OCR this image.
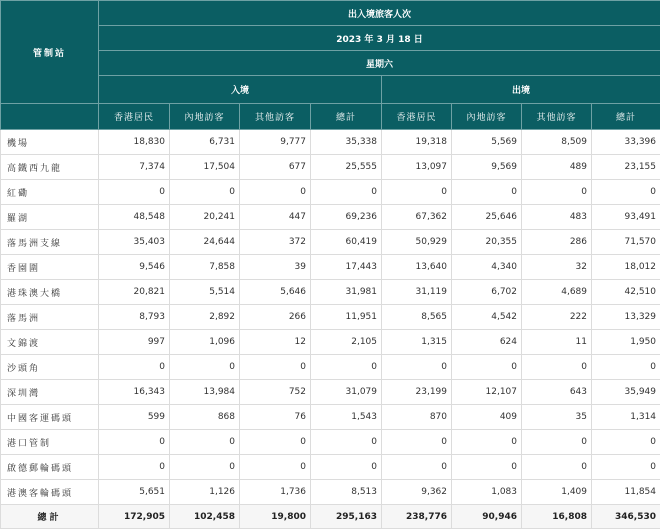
管制站	出入境旅客人次							
	2023 年 3 月 18 日							
	星期六							
	入境				出境			
	香港居民	內地訪客	其他訪客	總計	香港居民	內地訪客	其他訪客	總計
機場	18,830	6,731	9,777	35,338	19,318	5,569	8,509	33,396
高鐵西九龍	7,374	17,504	677	25,555	13,097	9,569	489	23,155
紅磡	0	0	0	0	0	0	0	0
羅湖	48,548	20,241	447	69,236	67,362	25,646	483	93,491
落馬洲支線	35,403	24,644	372	60,419	50,929	20,355	286	71,570
香園圍	9,546	7,858	39	17,443	13,640	4,340	32	18,012
港珠澳大橋	20,821	5,514	5,646	31,981	31,119	6,702	4,689	42,510
落馬洲	8,793	2,892	266	11,951	8,565	4,542	222	13,329
文錦渡	997	1,096	12	2,105	1,315	624	11	1,950
沙頭角	0	0	0	0	0	0	0	0
深圳灣	16,343	13,984	752	31,079	23,199	12,107	643	35,949
中國客運碼頭	599	868	76	1,543	870	409	35	1,314
港口管制	0	0	0	0	0	0	0	0
啟德郵輪碼頭	0	0	0	0	0	0	0	0
港澳客輪碼頭	5,651	1,126	1,736	8,513	9,362	1,083	1,409	11,854
總計	172,905	102,458	19,800	295,163	238,776	90,946	16,808	346,530
